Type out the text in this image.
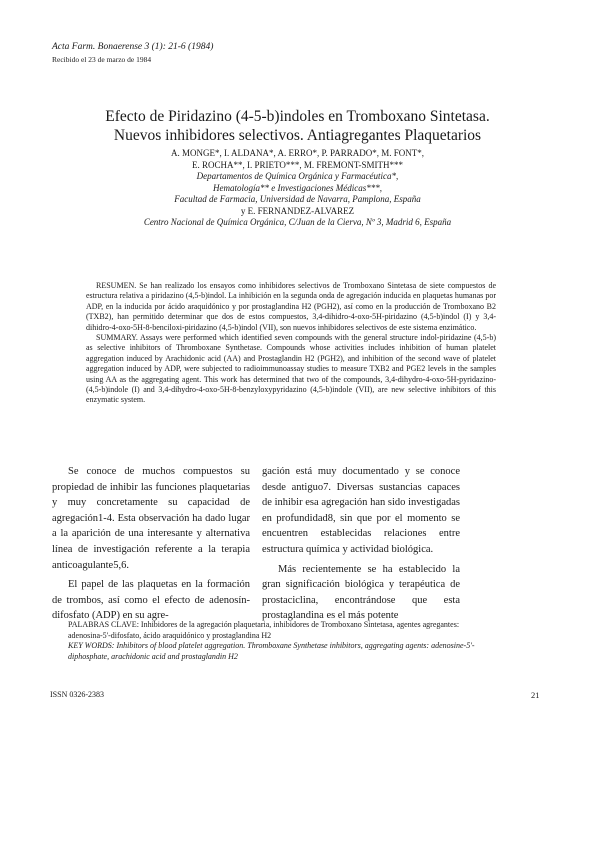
Acta Farm. Bonaerense 3 (1): 21-6 (1984)
Recibido el 23 de marzo de 1984
Efecto de Piridazino (4-5-b)indoles en Tromboxano Sintetasa.
Nuevos inhibidores selectivos. Antiagregantes Plaquetarios
A. MONGE*, I. ALDANA*, A. ERRO*, P. PARRADO*, M. FONT*,
E. ROCHA**, I. PRIETO***, M. FREMONT-SMITH***
Departamentos de Química Orgánica y Farmacéutica*,
Hematología** e Investigaciones Médicas***,
Facultad de Farmacia, Universidad de Navarra, Pamplona, España
y E. FERNANDEZ-ALVAREZ
Centro Nacional de Química Orgánica, C/Juan de la Cierva, Nº 3, Madrid 6, España

RESUMEN. Se han realizado los ensayos como inhibidores selectivos de Tromboxano Sintetasa de siete compuestos de estructura relativa a piridazino (4,5-b)indol. La inhibición en la segunda onda de agregación inducida en plaquetas humanas por ADP, en la inducida por ácido araquidónico y por prostaglandina H2 (PGH2), así como en la producción de Tromboxano B2 (TXB2), han permitido determinar que dos de estos compuestos, 3,4-dihidro-4-oxo-5H-piridazino (4,5-b)indol (I) y 3,4-dihidro-4-oxo-5H-8-benciloxi-piridazino (4,5-b)indol (VII), son nuevos inhibidores selectivos de este sistema enzimático.

SUMMARY. Assays were performed which identified seven compounds with the general structure indol-piridazine (4,5-b) as selective inhibitors of Thromboxane Synthetase. Compounds whose activities includes inhibition of human platelet aggregation induced by Arachidonic acid (AA) and Prostaglandin H2 (PGH2), and inhibition of the second wave of platelet aggregation induced by ADP, were subjected to radioimmunoassay studies to measure TXB2 and PGE2 levels in the samples using AA as the aggregating agent. This work has determined that two of the compounds, 3,4-dihydro-4-oxo-5H-pyridazino-(4,5-b)indole (I) and 3,4-dihydro-4-oxo-5H-8-benzyloxypyridazino (4,5-b)indole (VII), are new selective inhibitors of this enzymatic system.

Se conoce de muchos compuestos su propiedad de inhibir las funciones plaquetarias y muy concretamente su capacidad de agregación1-4. Esta observación ha dado lugar a la aparición de una interesante y alternativa línea de investigación referente a la terapia anticoagulante5,6.

El papel de las plaquetas en la formación de trombos, así como el efecto de adenosín-difosfato (ADP) en su agre-

gación está muy documentado y se conoce desde antiguo7. Diversas sustancias capaces de inhibir esa agregación han sido investigadas en profundidad8, sin que por el momento se encuentren establecidas relaciones entre estructura química y actividad biológica.

Más recientemente se ha establecido la gran significación biológica y terapéutica de prostaciclina, encontrándose que esta prostaglandina es el más potente

PALABRAS CLAVE: Inhibidores de la agregación plaquetaria, inhibidores de Tromboxano Sintetasa, agentes agregantes: adenosina-5'-difosfato, ácido araquidónico y prostaglandina H2

KEY WORDS: Inhibitors of blood platelet aggregation. Thromboxane Synthetase inhibitors, aggregating agents: adenosine-5'-diphosphate, arachidonic acid and prostaglandin H2

ISSN 0326-2383	21
